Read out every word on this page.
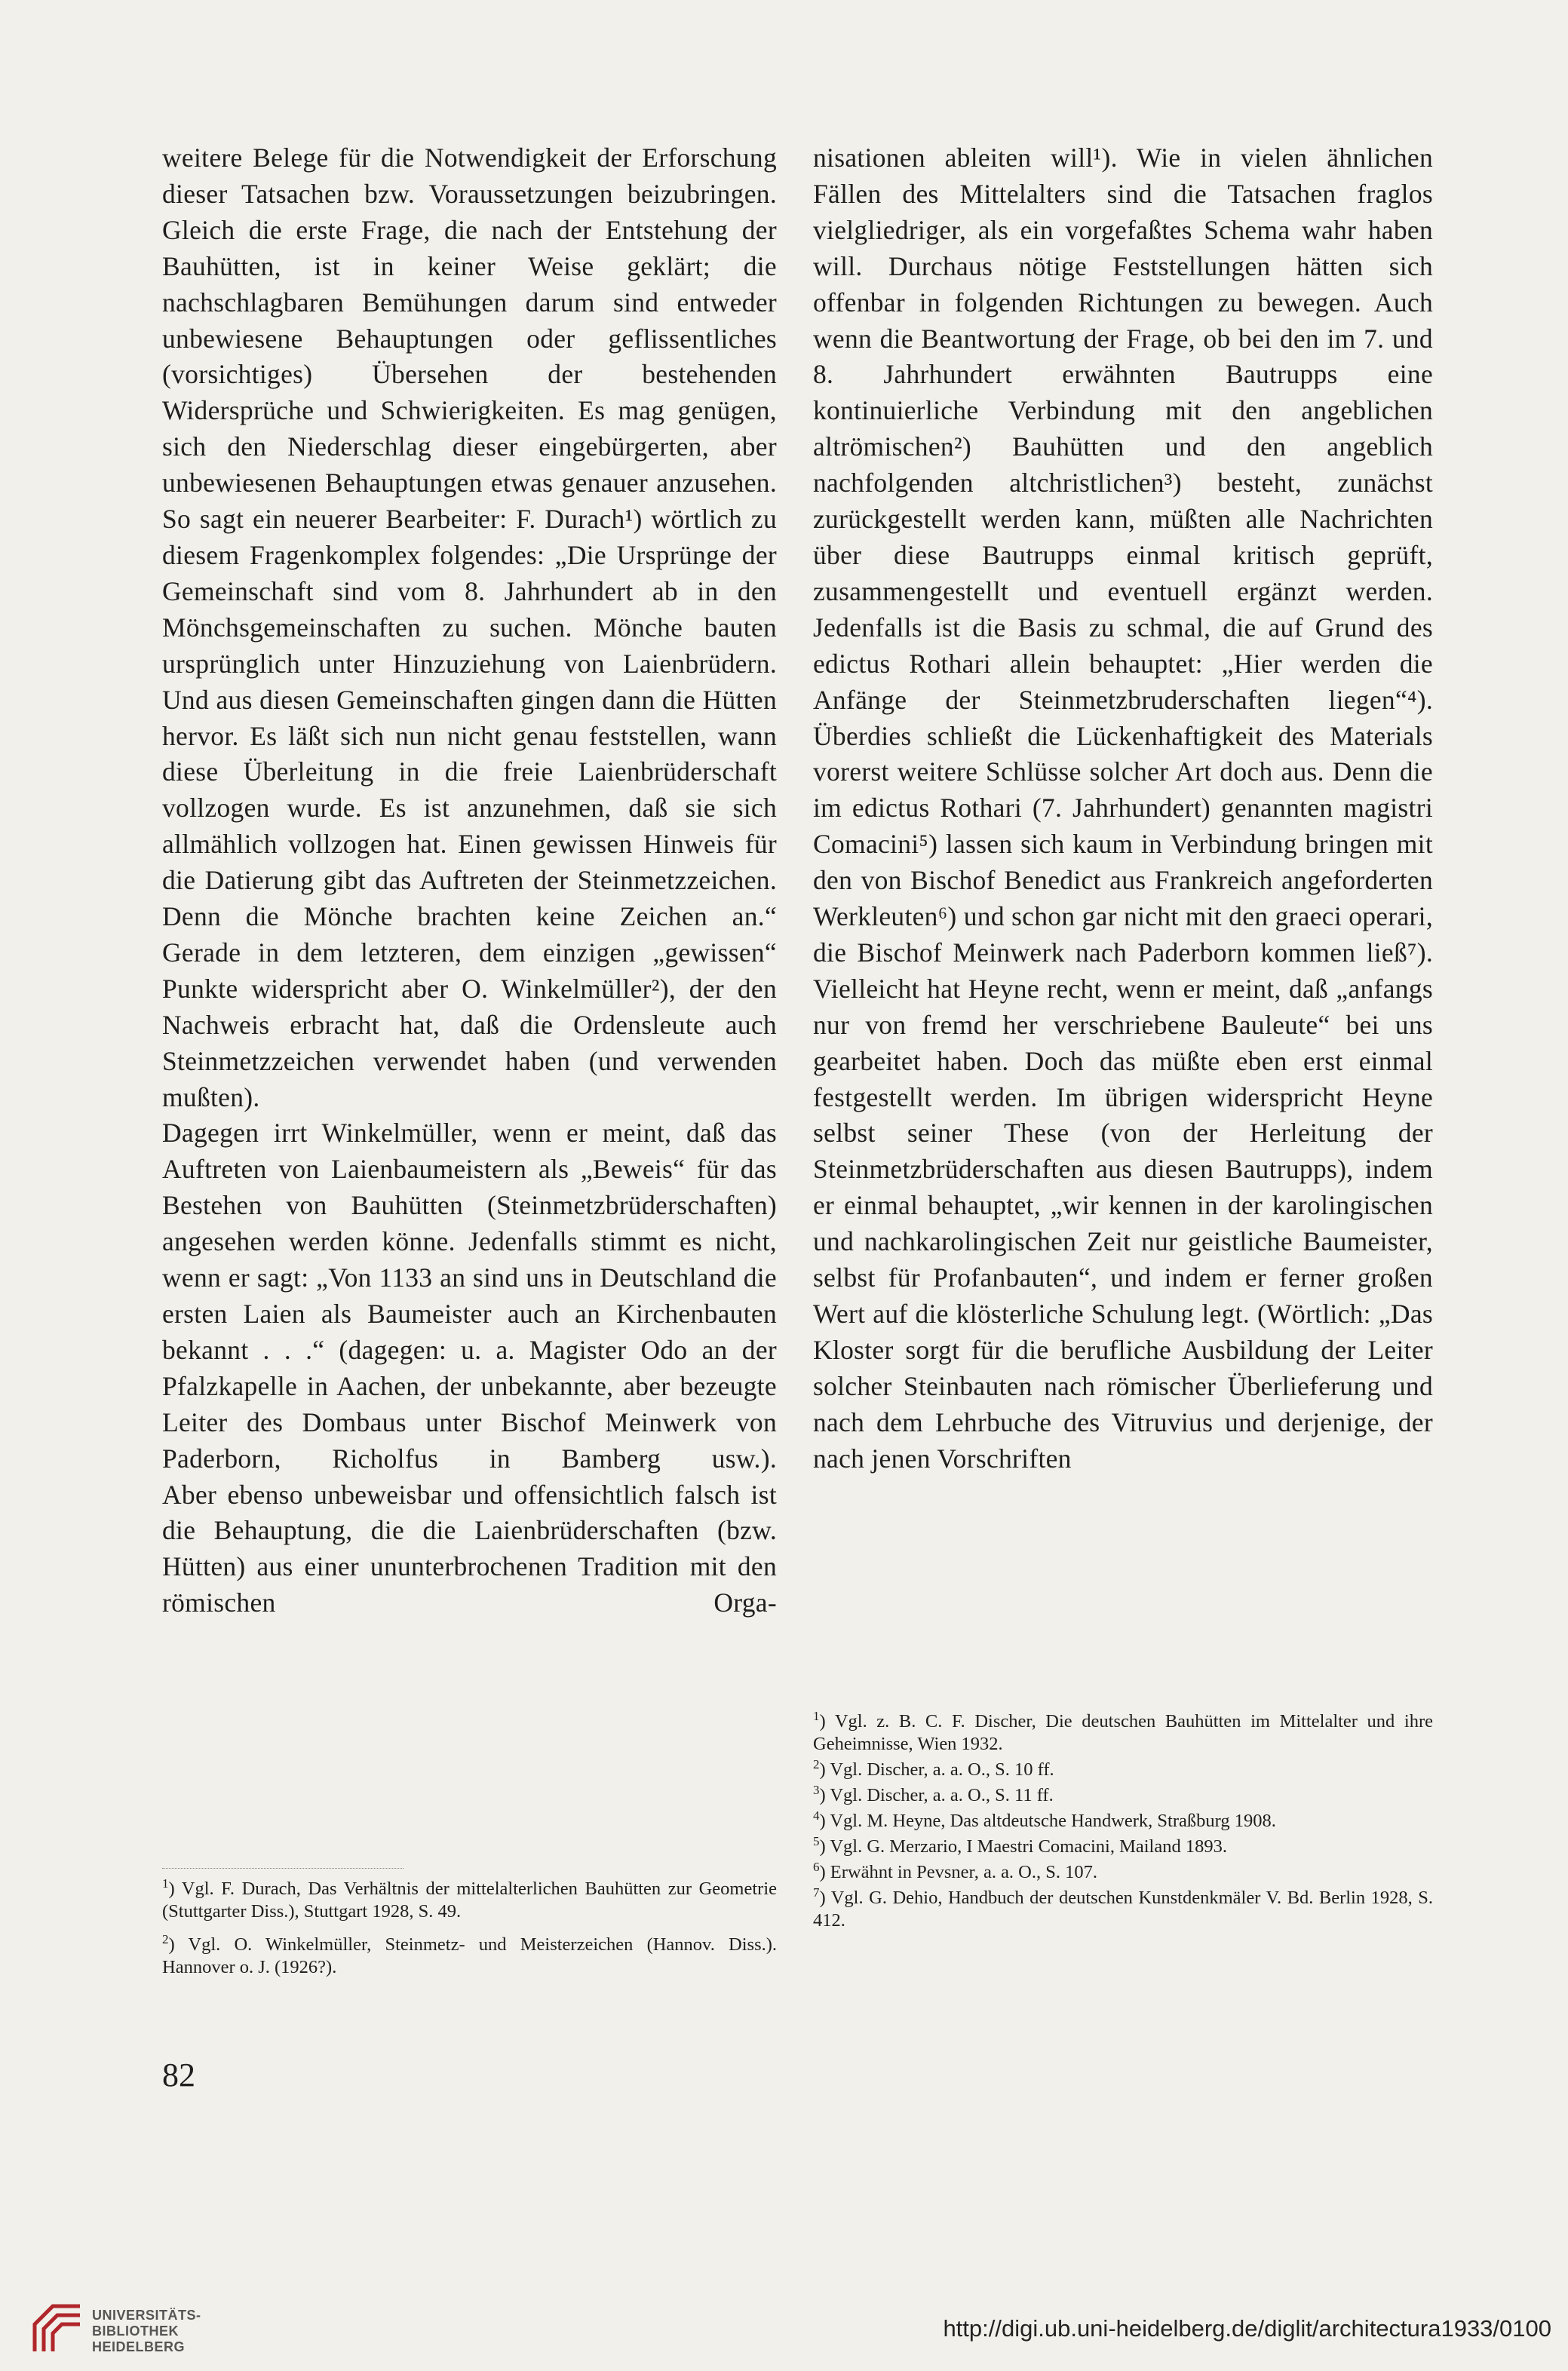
weitere Belege für die Notwendigkeit der Erforschung dieser Tatsachen bzw. Voraussetzungen beizubringen.

Gleich die erste Frage, die nach der Entstehung der Bauhütten, ist in keiner Weise geklärt; die nachschlagbaren Bemühungen darum sind entweder unbewiesene Behauptungen oder geflissentliches (vorsichtiges) Übersehen der bestehenden Widersprüche und Schwierigkeiten. Es mag genügen, sich den Niederschlag dieser eingebürgerten, aber unbewiesenen Behauptungen etwas genauer anzusehen. So sagt ein neuerer Bearbeiter: F. Durach¹) wörtlich zu diesem Fragenkomplex folgendes: „Die Ursprünge der Gemeinschaft sind vom 8. Jahrhundert ab in den Mönchsgemeinschaften zu suchen. Mönche bauten ursprünglich unter Hinzuziehung von Laienbrüdern. Und aus diesen Gemeinschaften gingen dann die Hütten hervor. Es läßt sich nun nicht genau feststellen, wann diese Überleitung in die freie Laienbrüderschaft vollzogen wurde. Es ist anzunehmen, daß sie sich allmählich vollzogen hat. Einen gewissen Hinweis für die Datierung gibt das Auftreten der Steinmetzzeichen. Denn die Mönche brachten keine Zeichen an.“

Gerade in dem letzteren, dem einzigen „gewissen“ Punkte widerspricht aber O. Winkelmüller²), der den Nachweis erbracht hat, daß die Ordensleute auch Steinmetzzeichen verwendet haben (und verwenden mußten).

Dagegen irrt Winkelmüller, wenn er meint, daß das Auftreten von Laienbaumeistern als „Beweis“ für das Bestehen von Bauhütten (Steinmetzbrüderschaften) angesehen werden könne. Jedenfalls stimmt es nicht, wenn er sagt: „Von 1133 an sind uns in Deutschland die ersten Laien als Baumeister auch an Kirchenbauten bekannt . . .“ (dagegen: u. a. Magister Odo an der Pfalzkapelle in Aachen, der unbekannte, aber bezeugte Leiter des Dombaus unter Bischof Meinwerk von Paderborn, Richolfus in Bamberg usw.).

Aber ebenso unbeweisbar und offensichtlich falsch ist die Behauptung, die die Laienbrüderschaften (bzw. Hütten) aus einer ununterbrochenen Tradition mit den römischen Orga-

$^1$) Vgl. F. Durach, Das Verhältnis der mittelalterlichen Bauhütten zur Geometrie (Stuttgarter Diss.), Stuttgart 1928, S. 49.

$^2$) Vgl. O. Winkelmüller, Steinmetz- und Meisterzeichen (Hannov. Diss.). Hannover o. J. (1926?).

nisationen ableiten will¹). Wie in vielen ähnlichen Fällen des Mittelalters sind die Tatsachen fraglos vielgliedriger, als ein vorgefaßtes Schema wahr haben will. Durchaus nötige Feststellungen hätten sich offenbar in folgenden Richtungen zu bewegen. Auch wenn die Beantwortung der Frage, ob bei den im 7. und 8. Jahrhundert erwähnten Bautrupps eine kontinuierliche Verbindung mit den angeblichen altrömischen²) Bauhütten und den angeblich nachfolgenden altchristlichen³) besteht, zunächst zurückgestellt werden kann, müßten alle Nachrichten über diese Bautrupps einmal kritisch geprüft, zusammengestellt und eventuell ergänzt werden. Jedenfalls ist die Basis zu schmal, die auf Grund des edictus Rothari allein behauptet: „Hier werden die Anfänge der Steinmetzbruderschaften liegen“⁴). Überdies schließt die Lückenhaftigkeit des Materials vorerst weitere Schlüsse solcher Art doch aus. Denn die im edictus Rothari (7. Jahrhundert) genannten magistri Comacini⁵) lassen sich kaum in Verbindung bringen mit den von Bischof Benedict aus Frankreich angeforderten Werkleuten⁶) und schon gar nicht mit den graeci operari, die Bischof Meinwerk nach Paderborn kommen ließ⁷). Vielleicht hat Heyne recht, wenn er meint, daß „anfangs nur von fremd her verschriebene Bauleute“ bei uns gearbeitet haben. Doch das müßte eben erst einmal festgestellt werden. Im übrigen widerspricht Heyne selbst seiner These (von der Herleitung der Steinmetzbrüderschaften aus diesen Bautrupps), indem er einmal behauptet, „wir kennen in der karolingischen und nachkarolingischen Zeit nur geistliche Baumeister, selbst für Profanbauten“, und indem er ferner großen Wert auf die klösterliche Schulung legt. (Wörtlich: „Das Kloster sorgt für die berufliche Ausbildung der Leiter solcher Steinbauten nach römischer Überlieferung und nach dem Lehrbuche des Vitruvius und derjenige, der nach jenen Vorschriften

$^1$) Vgl. z. B. C. F. Discher, Die deutschen Bauhütten im Mittelalter und ihre Geheimnisse, Wien 1932.

$^2$) Vgl. Discher, a. a. O., S. 10 ff.

$^3$) Vgl. Discher, a. a. O., S. 11 ff.

$^4$) Vgl. M. Heyne, Das altdeutsche Handwerk, Straßburg 1908.

$^5$) Vgl. G. Merzario, I Maestri Comacini, Mailand 1893.

$^6$) Erwähnt in Pevsner, a. a. O., S. 107.

$^7$) Vgl. G. Dehio, Handbuch der deutschen Kunstdenkmäler V. Bd. Berlin 1928, S. 412.

82
UNIVERSITÄTS-
BIBLIOTHEK
HEIDELBERG
http://digi.ub.uni-heidelberg.de/diglit/architectura1933/0100
